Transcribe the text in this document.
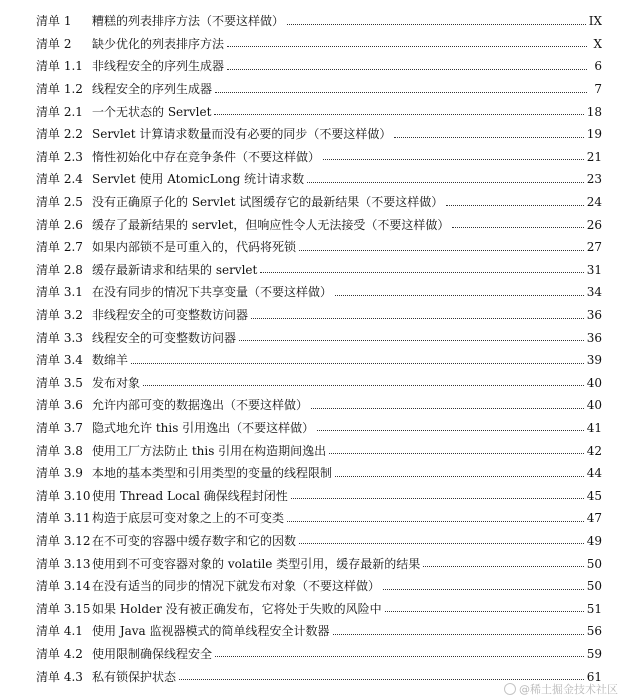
清单 1	糟糕的列表排序方法（不要这样做）	IX
清单 2	缺少优化的列表排序方法	X
清单 1.1 非线程安全的序列生成器	6
清单 1.2 线程安全的序列生成器	7
清单 2.1 一个无状态的 Servlet	18
清单 2.2 Servlet 计算请求数量而没有必要的同步（不要这样做）	19
清单 2.3 惰性初始化中存在竞争条件（不要这样做）	21
清单 2.4 Servlet 使用 AtomicLong 统计请求数	23
清单 2.5 没有正确原子化的 Servlet 试图缓存它的最新结果（不要这样做）	24
清单 2.6 缓存了最新结果的 servlet，但响应性令人无法接受（不要这样做）	26
清单 2.7 如果内部锁不是可重入的，代码将死锁	27
清单 2.8 缓存最新请求和结果的 servlet	31
清单 3.1 在没有同步的情况下共享变量（不要这样做）	34
清单 3.2 非线程安全的可变整数访问器	36
清单 3.3 线程安全的可变整数访问器	36
清单 3.4 数绵羊	39
清单 3.5 发布对象	40
清单 3.6 允许内部可变的数据逸出（不要这样做）	40
清单 3.7 隐式地允许 this 引用逸出（不要这样做）	41
清单 3.8 使用工厂方法防止 this 引用在构造期间逸出	42
清单 3.9 本地的基本类型和引用类型的变量的线程限制	44
清单 3.10 使用 Thread Local 确保线程封闭性	45
清单 3.11 构造于底层可变对象之上的不可变类	47
清单 3.12 在不可变的容器中缓存数字和它的因数	49
清单 3.13 使用到不可变容器对象的 volatile 类型引用，缓存最新的结果	50
清单 3.14 在没有适当的同步的情况下就发布对象（不要这样做）	50
清单 3.15 如果 Holder 没有被正确发布，它将处于失败的风险中	51
清单 4.1 使用 Java 监视器模式的简单线程安全计数器	56
清单 4.2 使用限制确保线程安全	59
清单 4.3 私有锁保护状态	61
@稀土掘金技术社区
